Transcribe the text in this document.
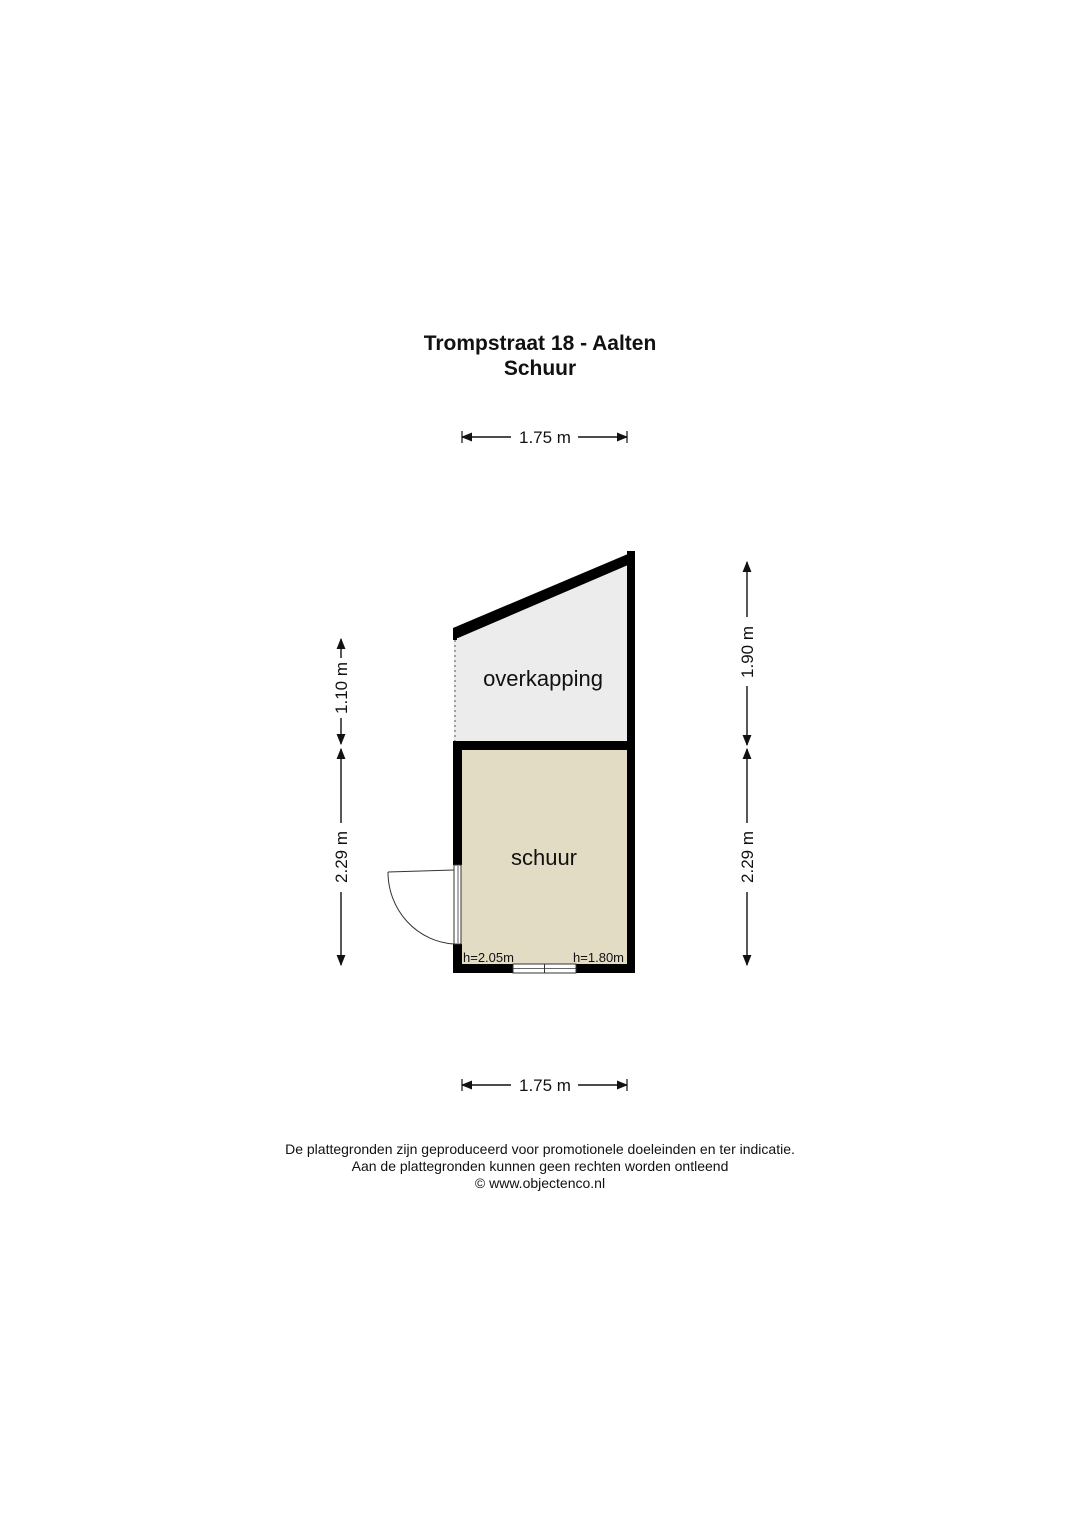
Trompstraat 18 - Aalten
Schuur
1.75 m
overkapping
schuur
h=2.05m	h=1.80m
1.10 m
2.29 m
1.90 m
2.29 m
1.75 m
De plattegronden zijn geproduceerd voor promotionele doeleinden en ter indicatie.
Aan de plattegronden kunnen geen rechten worden ontleend
© www.objectenco.nl
